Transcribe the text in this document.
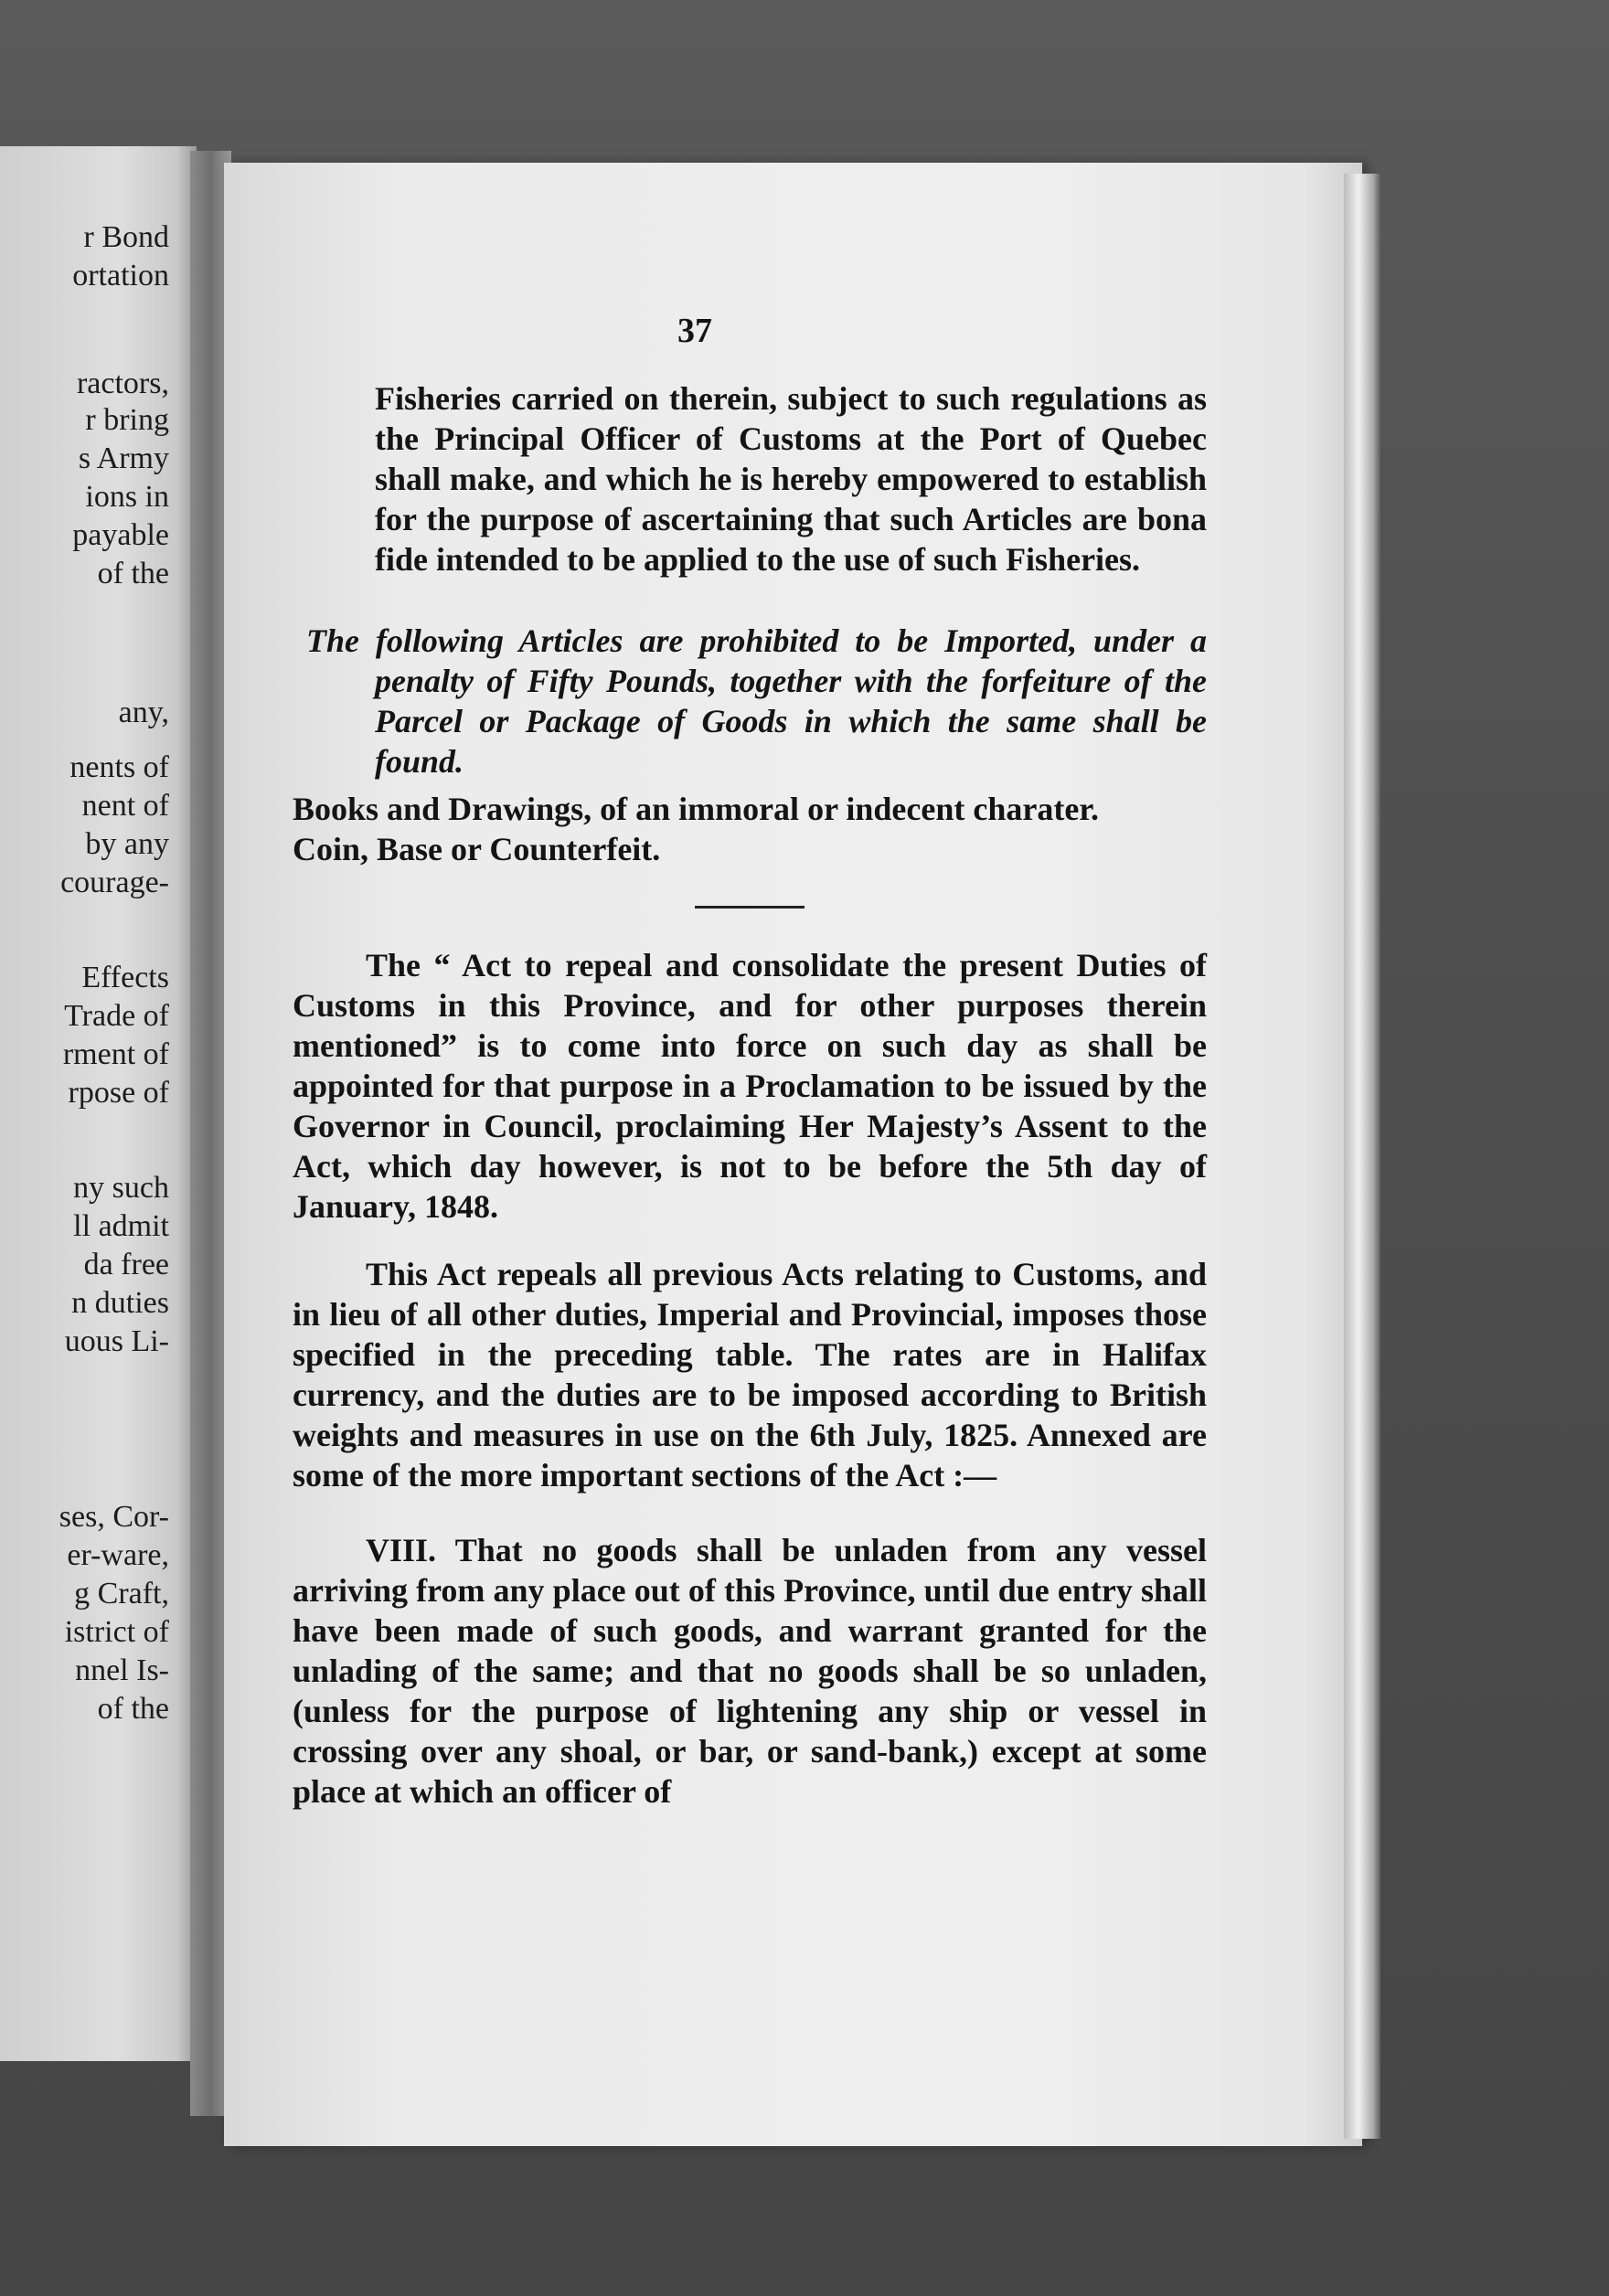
r Bond
ortation
ractors,
r bring
s Army
ions in
payable
of the
any,
nents of
nent of
by any
courage-
Effects
Trade of
rment of
rpose of
ny such
ll admit
da free
n duties
uous Li-
ses, Cor-
er-ware,
g Craft,
istrict of
nnel Is-
of the
37

Fisheries carried on therein, subject to such regulations as the Principal Officer of Customs at the Port of Quebec shall make, and which he is hereby empowered to establish for the purpose of ascertaining that such Articles are bona fide intended to be applied to the use of such Fisheries.

The following Articles are prohibited to be Imported, under a penalty of Fifty Pounds, together with the forfeiture of the Parcel or Package of Goods in which the same shall be found.

Books and Drawings, of an immoral or indecent charater.

Coin, Base or Counterfeit.

The “ Act to repeal and consolidate the present Duties of Customs in this Province, and for other purposes therein mentioned” is to come into force on such day as shall be appointed for that purpose in a Proclamation to be issued by the Governor in Council, proclaiming Her Majesty’s Assent to the Act, which day however, is not to be before the 5th day of January, 1848.

This Act repeals all previous Acts relating to Customs, and in lieu of all other duties, Imperial and Provincial, imposes those specified in the preceding table. The rates are in Halifax currency, and the duties are to be imposed according to British weights and measures in use on the 6th July, 1825. Annexed are some of the more important sections of the Act :—

VIII. That no goods shall be unladen from any vessel arriving from any place out of this Province, until due entry shall have been made of such goods, and warrant granted for the unlading of the same; and that no goods shall be so unladen, (unless for the purpose of lightening any ship or vessel in crossing over any shoal, or bar, or sand-bank,) except at some place at which an officer of
